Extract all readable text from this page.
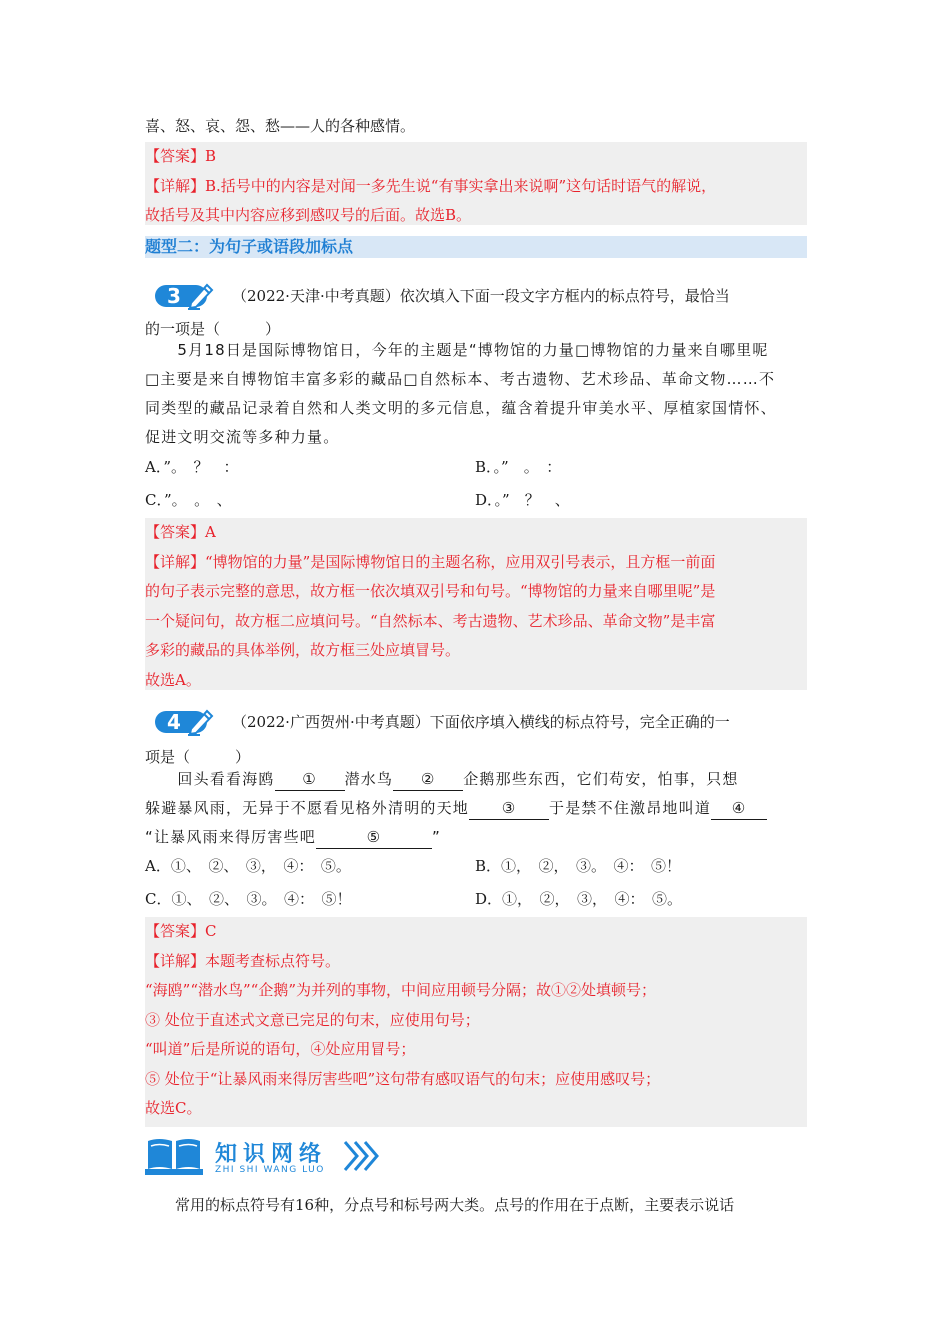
喜、怒、哀、怨、愁——人的各种感情。
【答案】B
【详解】B.括号中的内容是对闻一多先生说“有事实拿出来说啊”这句话时语气的解说，
故括号及其中内容应移到感叹号的后面。故选B。
题型二：为句子或语段加标点
3	（2022·天津·中考真题）依次填入下面一段文字方框内的标点符号，最恰当
的一项是（　　　）
　　5月18日是国际博物馆日，今年的主题是“博物馆的力量□博物馆的力量来自哪里呢
□主要是来自博物馆丰富多彩的藏品□自然标本、考古遗物、艺术珍品、革命文物……不
同类型的藏品记录着自然和人类文明的多元信息，蕴含着提升审美水平、厚植家国情怀、
促进文明交流等多种力量。
A．”。　？　：	B．。”　。　：
C．”。　。　、	D．。”　？　、
【答案】A
【详解】“博物馆的力量”是国际博物馆日的主题名称，应用双引号表示，且方框一前面
的句子表示完整的意思，故方框一依次填双引号和句号。“博物馆的力量来自哪里呢”是
一个疑问句，故方框二应填问号。“自然标本、考古遗物、艺术珍品、革命文物”是丰富
多彩的藏品的具体举例，故方框三处应填冒号。
故选A。
4	（2022·广西贺州·中考真题）下面依序填入横线的标点符号，完全正确的一
项是（　　　）
　　回头看看海鸥 ① 潜水鸟 ② 企鹅那些东西，它们苟安，怕事，只想
躲避暴风雨，无异于不愿看见格外清明的天地 ③ 于是禁不住激昂地叫道 ④
“让暴风雨来得厉害些吧	⑤	”
A．①、　②、　③，　④：　⑤。	B．①，　②，　③。　④：　⑤！
C．①、　②、　③。　④：　⑤！	D．①，　②，　③，　④：　⑤。
【答案】C
【详解】本题考查标点符号。
“海鸥”“潜水鸟”“企鹅”为并列的事物，中间应用顿号分隔；故①②处填顿号；
③ 处位于直述式文意已完足的句末，应使用句号；
“叫道”后是所说的语句，④处应用冒号；
⑤ 处位于“让暴风雨来得厉害些吧”这句带有感叹语气的句末；应使用感叹号；
故选C。
知识网络
ZHI SHI WANG LUO
　　常用的标点符号有16种，分点号和标号两大类。点号的作用在于点断，主要表示说话
